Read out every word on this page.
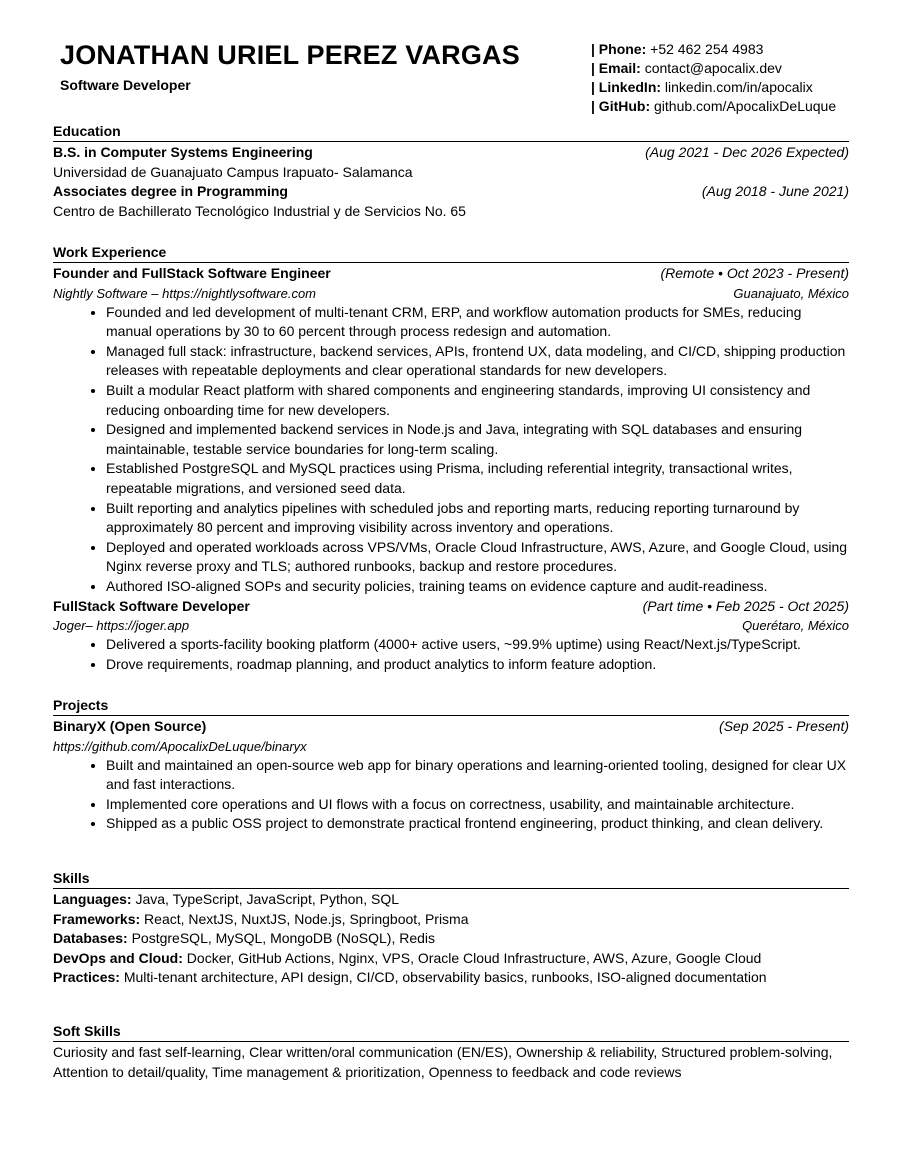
JONATHAN URIEL PEREZ VARGAS
Software Developer
| Phone: +52 462 254 4983
| Email: contact@apocalix.dev
| LinkedIn: linkedin.com/in/apocalix
| GitHub: github.com/ApocalixDeLuque
Education
B.S. in Computer Systems Engineering	(Aug 2021 - Dec 2026 Expected)
Universidad de Guanajuato Campus Irapuato- Salamanca
Associates degree in Programming	(Aug 2018 - June 2021)
Centro de Bachillerato Tecnológico Industrial y de Servicios No. 65
Work Experience
Founder and FullStack Software Engineer	(Remote • Oct 2023 - Present)
Nightly Software – https://nightlysoftware.com	Guanajuato, México
• Founded and led development of multi-tenant CRM, ERP, and workflow automation products for SMEs, reducing manual operations by 30 to 60 percent through process redesign and automation.
• Managed full stack: infrastructure, backend services, APIs, frontend UX, data modeling, and CI/CD, shipping production releases with repeatable deployments and clear operational standards for new developers.
• Built a modular React platform with shared components and engineering standards, improving UI consistency and reducing onboarding time for new developers.
• Designed and implemented backend services in Node.js and Java, integrating with SQL databases and ensuring maintainable, testable service boundaries for long-term scaling.
• Established PostgreSQL and MySQL practices using Prisma, including referential integrity, transactional writes, repeatable migrations, and versioned seed data.
• Built reporting and analytics pipelines with scheduled jobs and reporting marts, reducing reporting turnaround by approximately 80 percent and improving visibility across inventory and operations.
• Deployed and operated workloads across VPS/VMs, Oracle Cloud Infrastructure, AWS, Azure, and Google Cloud, using Nginx reverse proxy and TLS; authored runbooks, backup and restore procedures.
• Authored ISO-aligned SOPs and security policies, training teams on evidence capture and audit-readiness.
FullStack Software Developer	(Part time • Feb 2025 - Oct 2025)
Joger– https://joger.app	Querétaro, México
• Delivered a sports-facility booking platform (4000+ active users, ~99.9% uptime) using React/Next.js/TypeScript.
• Drove requirements, roadmap planning, and product analytics to inform feature adoption.
Projects
BinaryX (Open Source)	(Sep 2025 - Present)
https://github.com/ApocalixDeLuque/binaryx
• Built and maintained an open-source web app for binary operations and learning-oriented tooling, designed for clear UX and fast interactions.
• Implemented core operations and UI flows with a focus on correctness, usability, and maintainable architecture.
• Shipped as a public OSS project to demonstrate practical frontend engineering, product thinking, and clean delivery.
Skills
Languages: Java, TypeScript, JavaScript, Python, SQL
Frameworks: React, NextJS, NuxtJS, Node.js, Springboot, Prisma
Databases: PostgreSQL, MySQL, MongoDB (NoSQL), Redis
DevOps and Cloud: Docker, GitHub Actions, Nginx, VPS, Oracle Cloud Infrastructure, AWS, Azure, Google Cloud
Practices: Multi-tenant architecture, API design, CI/CD, observability basics, runbooks, ISO-aligned documentation
Soft Skills
Curiosity and fast self-learning, Clear written/oral communication (EN/ES), Ownership & reliability, Structured problem-solving, Attention to detail/quality, Time management & prioritization, Openness to feedback and code reviews
